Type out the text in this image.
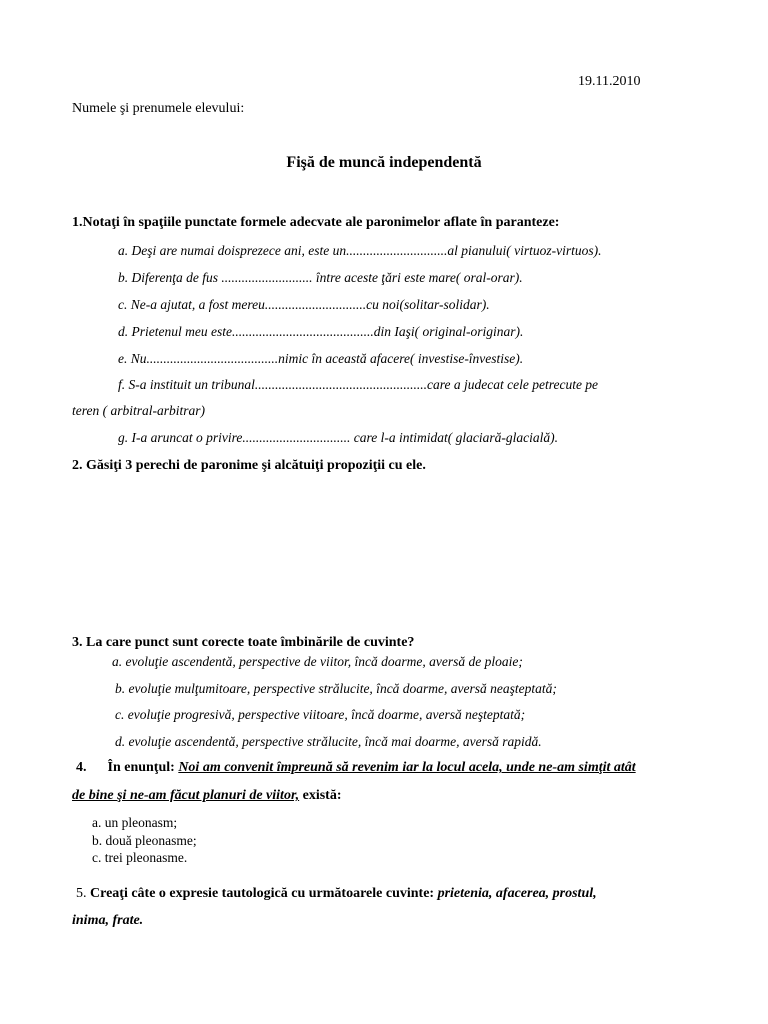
19.11.2010
Numele şi prenumele elevului:
Fişă de muncă independentă
1.Notaţi în spaţiile punctate formele adecvate ale paronimelor aflate în paranteze:
a. Deşi are numai doisprezece ani, este un..............................al pianului( virtuoz-virtuos).
b. Diferenţa de fus ........................... între aceste ţări este mare( oral-orar).
c. Ne-a ajutat, a fost mereu..............................cu noi(solitar-solidar).
d. Prietenul meu este..........................................din Iaşi( original-originar).
e. Nu.......................................nimic în această afacere( investise-învestise).
f. S-a instituit un tribunal...................................................care a judecat cele petrecute pe
teren ( arbitral-arbitrar)
g. I-a aruncat o privire................................ care l-a intimidat( glaciară-glacială).
2. Găsiţi 3 perechi de paronime şi alcătuiţi propoziţii cu ele.
3. La care punct sunt corecte toate îmbinările de cuvinte?
a. evoluţie ascendentă, perspective de viitor, încă doarme, aversă de ploaie;
b. evoluţie mulţumitoare, perspective strălucite, încă doarme, aversă neaşteptată;
c. evoluţie progresivă, perspective viitoare, încă doarme, aversă neşteptată;
d. evoluţie ascendentă, perspective strălucite, încă mai doarme, aversă rapidă.
4. În enunţul: Noi am convenit împreună să revenim iar la locul acela, unde ne-am simţit atât
de bine şi ne-am făcut planuri de viitor, există:
a. un pleonasm;
b. două pleonasme;
c. trei pleonasme.
5. Creaţi câte o expresie tautologică cu următoarele cuvinte: prietenia, afacerea, prostul,
inima, frate.
